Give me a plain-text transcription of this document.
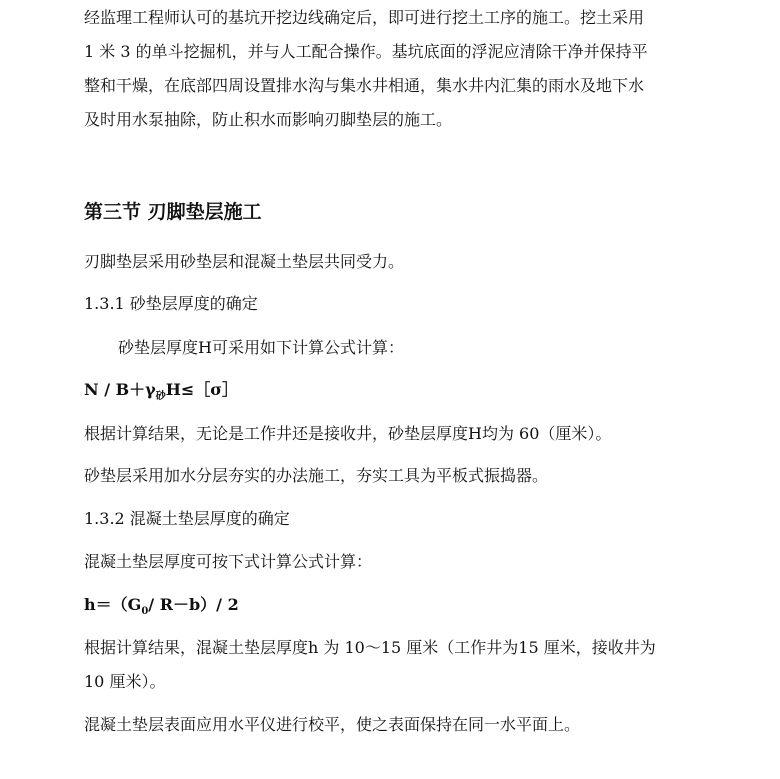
经监理工程师认可的基坑开挖边线确定后，即可进行挖土工序的施工。挖土采用
1 米 3 的单斗挖掘机，并与人工配合操作。基坑底面的浮泥应清除干净并保持平
整和干燥，在底部四周设置排水沟与集水井相通，集水井内汇集的雨水及地下水
及时用水泵抽除，防止积水而影响刃脚垫层的施工。
第三节 刃脚垫层施工
刃脚垫层采用砂垫层和混凝土垫层共同受力。
1.3.1 砂垫层厚度的确定
砂垫层厚度H可采用如下计算公式计算：
$N / B+\gamma_砂H\le[\sigma]$
根据计算结果，无论是工作井还是接收井，砂垫层厚度H均为 60（厘米）。
砂垫层采用加水分层夯实的办法施工，夯实工具为平板式振捣器。
1.3.2 混凝土垫层厚度的确定
混凝土垫层厚度可按下式计算公式计算：
$h=(G_0/$ R－b）/ 2
根据计算结果，混凝土垫层厚度h 为 10～15 厘米（工作井为15 厘米，接收井为
10 厘米）。
混凝土垫层表面应用水平仪进行校平，使之表面保持在同一水平面上。
